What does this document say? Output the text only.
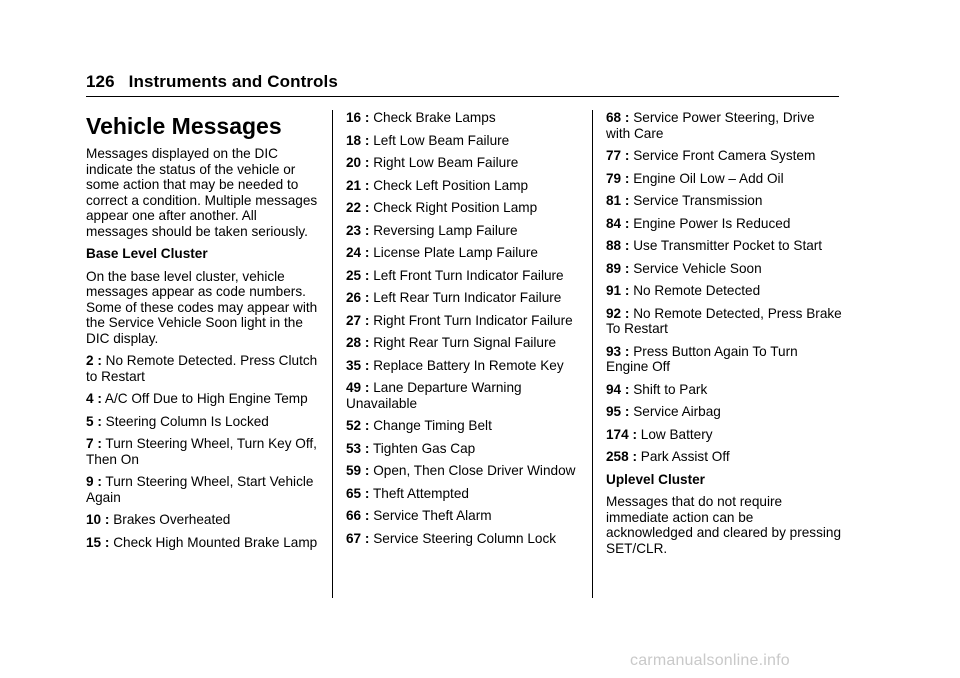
126 Instruments and Controls
Vehicle Messages

Messages displayed on the DIC indicate the status of the vehicle or some action that may be needed to correct a condition. Multiple messages appear one after another. All messages should be taken seriously.

Base Level Cluster

On the base level cluster, vehicle messages appear as code numbers. Some of these codes may appear with the Service Vehicle Soon light in the DIC display.

2 : No Remote Detected. Press Clutch to Restart

4 : A/C Off Due to High Engine Temp

5 : Steering Column Is Locked

7 : Turn Steering Wheel, Turn Key Off, Then On

9 : Turn Steering Wheel, Start Vehicle Again

10 : Brakes Overheated

15 : Check High Mounted Brake Lamp

16 : Check Brake Lamps

18 : Left Low Beam Failure

20 : Right Low Beam Failure

21 : Check Left Position Lamp

22 : Check Right Position Lamp

23 : Reversing Lamp Failure

24 : License Plate Lamp Failure

25 : Left Front Turn Indicator Failure

26 : Left Rear Turn Indicator Failure

27 : Right Front Turn Indicator Failure

28 : Right Rear Turn Signal Failure

35 : Replace Battery In Remote Key

49 : Lane Departure Warning Unavailable

52 : Change Timing Belt

53 : Tighten Gas Cap

59 : Open, Then Close Driver Window

65 : Theft Attempted

66 : Service Theft Alarm

67 : Service Steering Column Lock

68 : Service Power Steering, Drive with Care

77 : Service Front Camera System

79 : Engine Oil Low – Add Oil

81 : Service Transmission

84 : Engine Power Is Reduced

88 : Use Transmitter Pocket to Start

89 : Service Vehicle Soon

91 : No Remote Detected

92 : No Remote Detected, Press Brake To Restart

93 : Press Button Again To Turn Engine Off

94 : Shift to Park

95 : Service Airbag

174 : Low Battery

258 : Park Assist Off

Uplevel Cluster

Messages that do not require immediate action can be acknowledged and cleared by pressing SET/CLR.

carmanualsonline.info
